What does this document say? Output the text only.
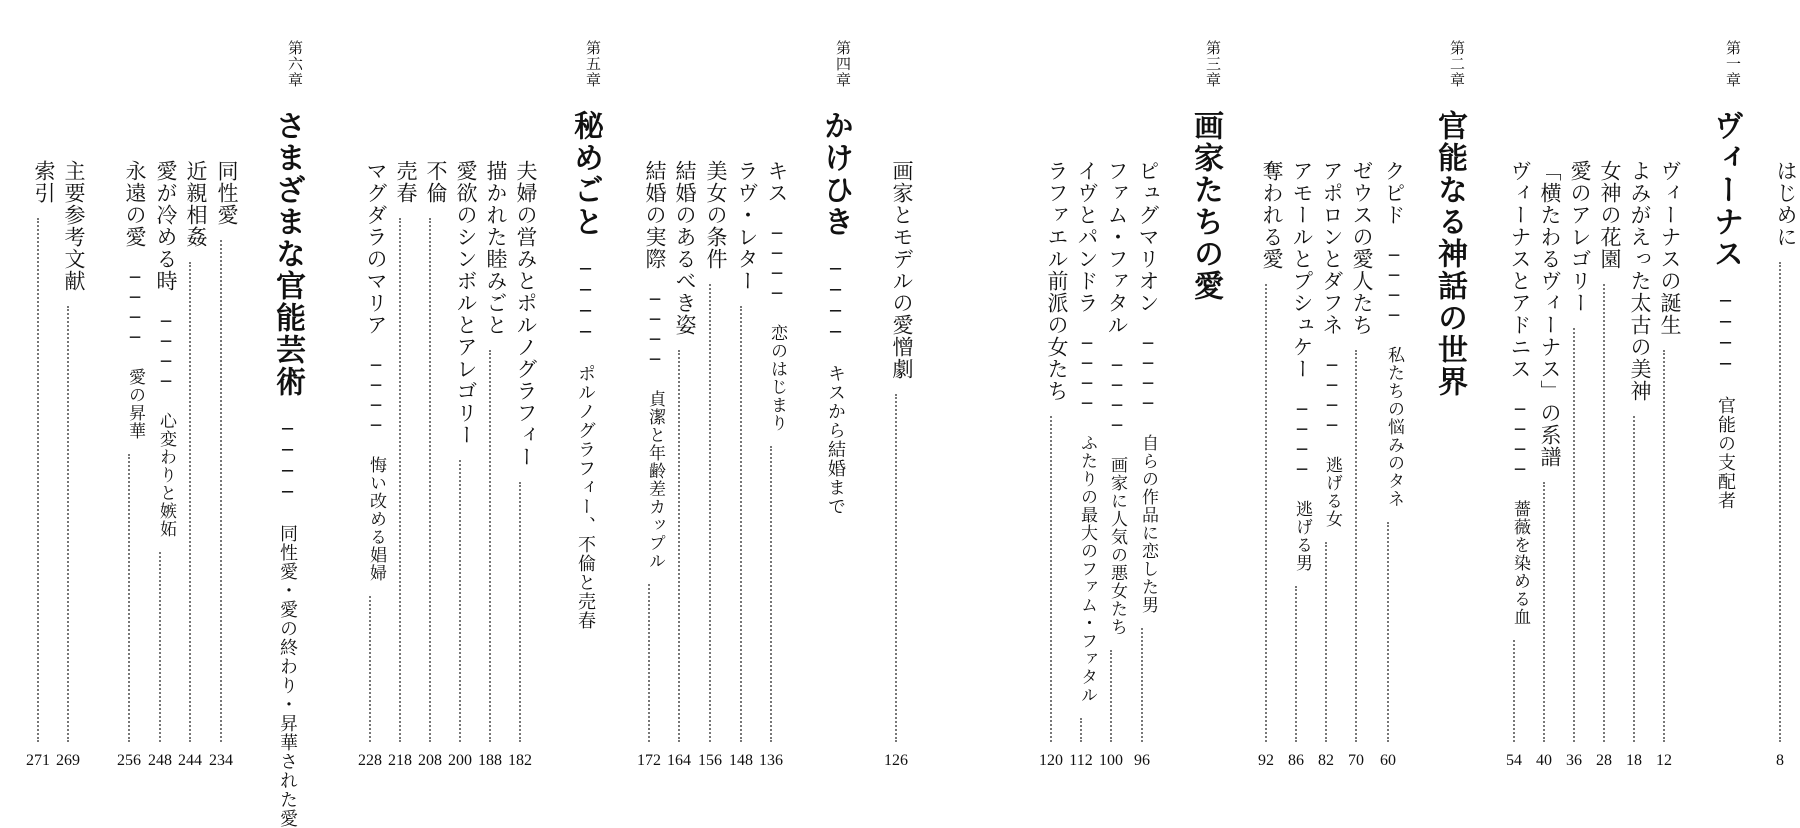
はじめに
8
第一章
ヴィーナス ──── 官能の支配者
ヴィーナスの誕生
12
よみがえった太古の美神
18
女神の花園
28
愛のアレゴリー
36
「横たわるヴィーナス」の系譜
40
ヴィーナスとアドニス ──── 薔薇を染める血
54
第二章
官能なる神話の世界
クピド ──── 私たちの悩みのタネ
60
ゼウスの愛人たち
70
アポロンとダフネ ──── 逃げる女
82
アモールとプシュケー ──── 逃げる男
86
奪われる愛
92
第三章
画家たちの愛
ピュグマリオン ──── 自らの作品に恋した男
96
ファム・ファタル ──── 画家に人気の悪女たち
100
イヴとパンドラ ──── ふたりの最大のファム・ファタル
112
ラファエル前派の女たち
120
画家とモデルの愛憎劇
126
第四章
かけひき ──── キスから結婚まで
キス ──── 恋のはじまり
136
ラヴ・レター
148
美女の条件
156
結婚のあるべき姿
164
結婚の実際 ──── 貞潔と年齢差カップル
172
第五章
秘めごと ──── ポルノグラフィー、不倫と売春
夫婦の営みとポルノグラフィー
182
描かれた睦みごと
188
愛欲のシンボルとアレゴリー
200
不倫
208
売春
218
マグダラのマリア ──── 悔い改める娼婦
228
第六章
さまざまな官能芸術 ──── 同性愛・愛の終わり・昇華された愛
同性愛
234
近親相姦
244
愛が冷める時 ──── 心変わりと嫉妬
248
永遠の愛 ──── 愛の昇華
256
主要参考文献
269
索引
271
